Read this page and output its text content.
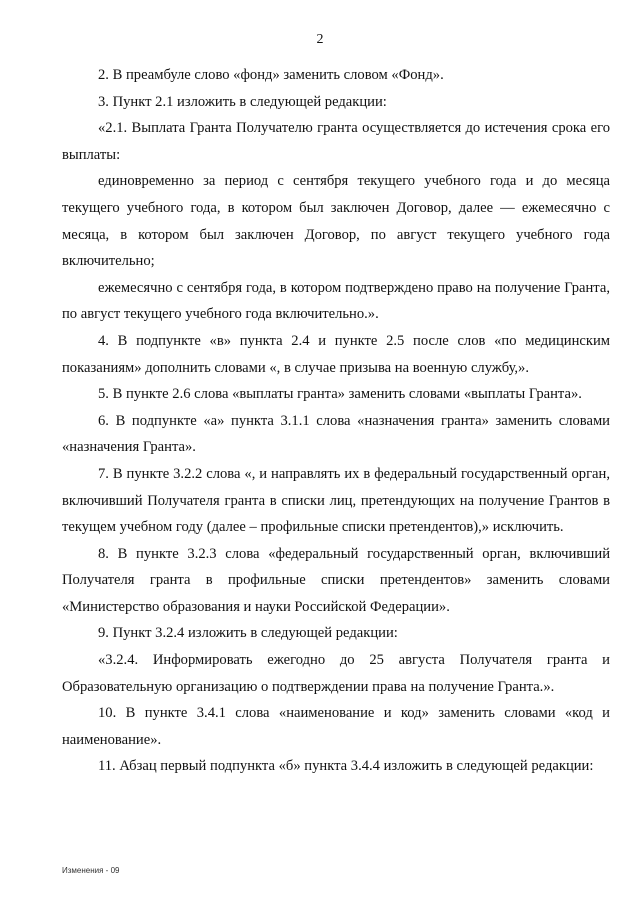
2

2. В преамбуле слово «фонд» заменить словом «Фонд».

3. Пункт 2.1 изложить в следующей редакции:

«2.1. Выплата Гранта Получателю гранта осуществляется до истечения срока его выплаты:

единовременно за период с сентября текущего учебного года и до месяца текущего учебного года, в котором был заключен Договор, далее — ежемесячно с месяца, в котором был заключен Договор, по август текущего учебного года включительно;

ежемесячно с сентября года, в котором подтверждено право на получение Гранта, по август текущего учебного года включительно.».

4. В подпункте «в» пункта 2.4 и пункте 2.5 после слов «по медицинским показаниям» дополнить словами «, в случае призыва на военную службу,».

5. В пункте 2.6 слова «выплаты гранта» заменить словами «выплаты Гранта».

6. В подпункте «а» пункта 3.1.1 слова «назначения гранта» заменить словами «назначения Гранта».

7. В пункте 3.2.2 слова «, и направлять их в федеральный государственный орган, включивший Получателя гранта в списки лиц, претендующих на получение Грантов в текущем учебном году (далее – профильные списки претендентов),» исключить.

8. В пункте 3.2.3 слова «федеральный государственный орган, включивший Получателя гранта в профильные списки претендентов» заменить словами «Министерство образования и науки Российской Федерации».

9. Пункт 3.2.4 изложить в следующей редакции:

«3.2.4. Информировать ежегодно до 25 августа Получателя гранта и Образовательную организацию о подтверждении права на получение Гранта.».

10. В пункте 3.4.1 слова «наименование и код» заменить словами «код и наименование».

11. Абзац первый подпункта «б» пункта 3.4.4 изложить в следующей редакции:

Изменения - 09
